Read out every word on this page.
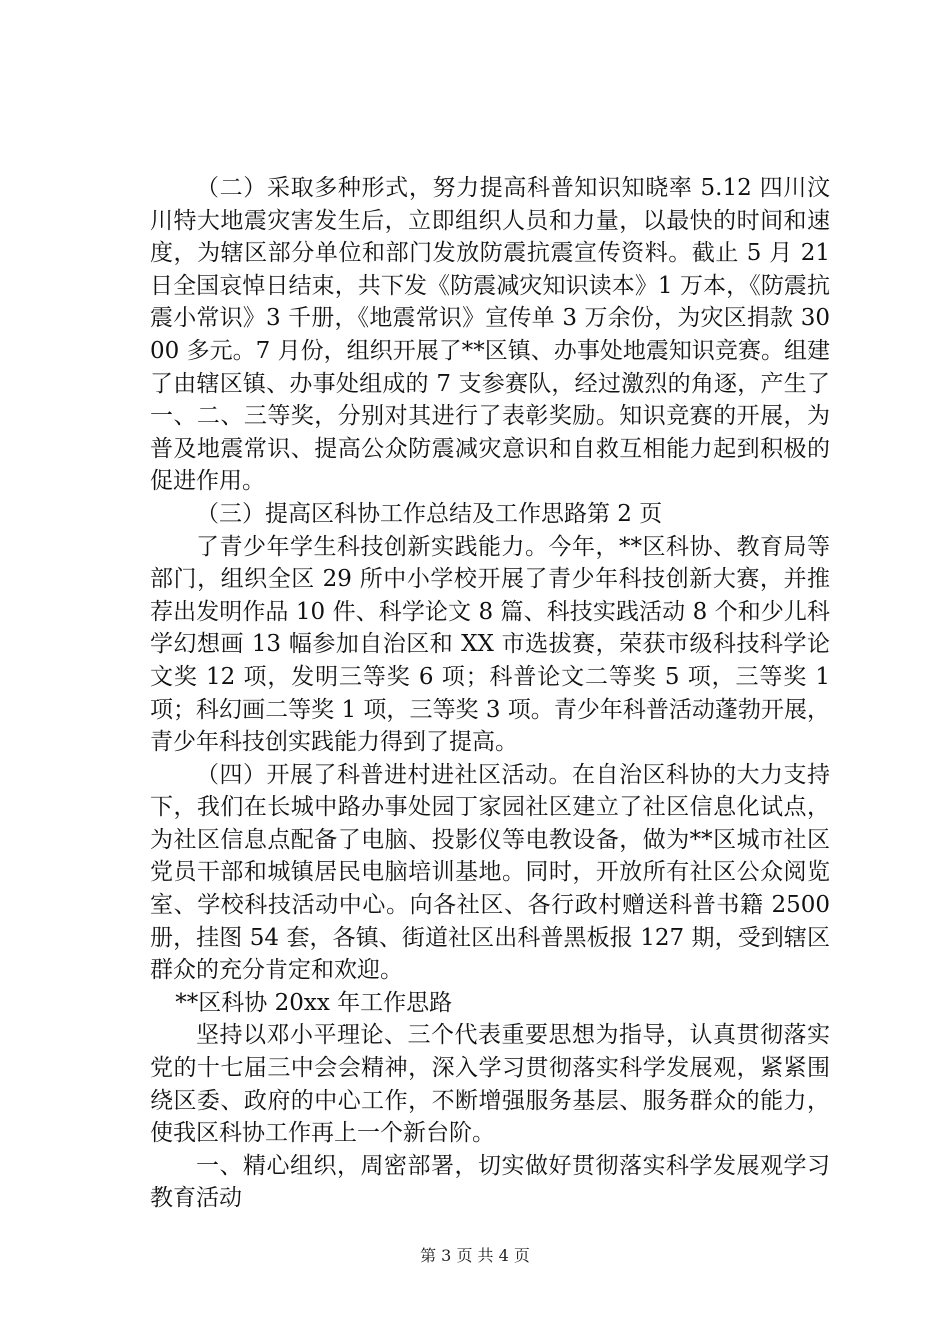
（二）采取多种形式，努力提高科普知识知晓率 5.12 四川汶川特大地震灾害发生后，立即组织人员和力量，以最快的时间和速度，为辖区部分单位和部门发放防震抗震宣传资料。截止 5 月 21 日全国哀悼日结束，共下发《防震减灾知识读本》1 万本，《防震抗震小常识》3 千册，《地震常识》宣传单 3 万余份，为灾区捐款 3000 多元。7 月份，组织开展了**区镇、办事处地震知识竞赛。组建了由辖区镇、办事处组成的 7 支参赛队，经过激烈的角逐，产生了一、二、三等奖，分别对其进行了表彰奖励。知识竞赛的开展，为普及地震常识、提高公众防震减灾意识和自救互相能力起到积极的促进作用。

（三）提高区科协工作总结及工作思路第 2 页

了青少年学生科技创新实践能力。今年，**区科协、教育局等部门，组织全区 29 所中小学校开展了青少年科技创新大赛，并推荐出发明作品 10 件、科学论文 8 篇、科技实践活动 8 个和少儿科学幻想画 13 幅参加自治区和 XX 市选拔赛，荣获市级科技科学论文奖 12 项，发明三等奖 6 项；科普论文二等奖 5 项，三等奖 1 项；科幻画二等奖 1 项，三等奖 3 项。青少年科普活动蓬勃开展，青少年科技创实践能力得到了提高。

（四）开展了科普进村进社区活动。在自治区科协的大力支持下，我们在长城中路办事处园丁家园社区建立了社区信息化试点，为社区信息点配备了电脑、投影仪等电教设备，做为**区城市社区党员干部和城镇居民电脑培训基地。同时，开放所有社区公众阅览室、学校科技活动中心。向各社区、各行政村赠送科普书籍 2500 册，挂图 54 套，各镇、街道社区出科普黑板报 127 期，受到辖区群众的充分肯定和欢迎。

**区科协 20xx 年工作思路

坚持以邓小平理论、三个代表重要思想为指导，认真贯彻落实党的十七届三中会会精神，深入学习贯彻落实科学发展观，紧紧围绕区委、政府的中心工作，不断增强服务基层、服务群众的能力，使我区科协工作再上一个新台阶。

一、精心组织，周密部署，切实做好贯彻落实科学发展观学习教育活动

第 3 页 共 4 页
